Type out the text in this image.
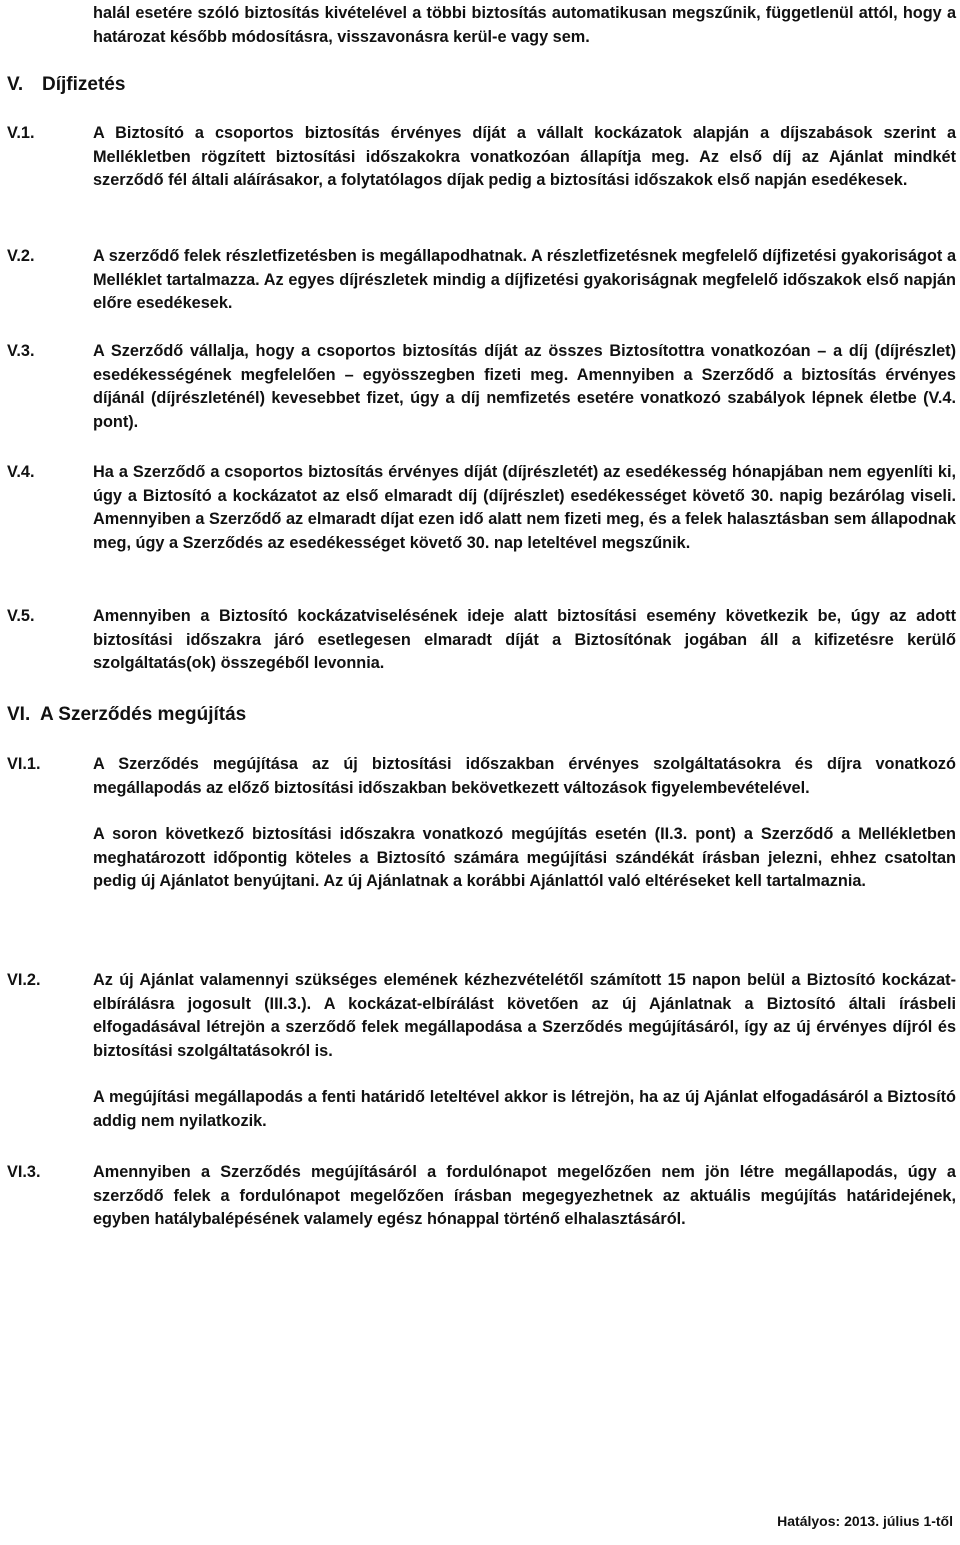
halál esetére szóló biztosítás kivételével a többi biztosítás automatikusan megszűnik, függetlenül attól, hogy a határozat később módosításra, visszavonásra kerül-e vagy sem.

V. Díjfizetés
V.1.	A Biztosító a csoportos biztosítás érvényes díját a vállalt kockázatok alapján a díjszabások szerint a Mellékletben rögzített biztosítási időszakokra vonatkozóan állapítja meg. Az első díj az Ajánlat mindkét szerződő fél általi aláírásakor, a folytatólagos díjak pedig a biztosítási időszakok első napján esedékesek.

V.2.	A szerződő felek részletfizetésben is megállapodhatnak. A részletfizetésnek megfelelő díjfizetési gyakoriságot a Melléklet tartalmazza. Az egyes díjrészletek mindig a díjfizetési gyakoriságnak megfelelő időszakok első napján előre esedékesek.

V.3.	A Szerződő vállalja, hogy a csoportos biztosítás díját az összes Biztosítottra vonatkozóan – a díj (díjrészlet) esedékességének megfelelően – egyösszegben fizeti meg. Amennyiben a Szerződő a biztosítás érvényes díjánál (díjrészleténél) kevesebbet fizet, úgy a díj nemfizetés esetére vonatkozó szabályok lépnek életbe (V.4. pont).

V.4.	Ha a Szerződő a csoportos biztosítás érvényes díját (díjrészletét) az esedékesség hónapjában nem egyenlíti ki, úgy a Biztosító a kockázatot az első elmaradt díj (díjrészlet) esedékességet követő 30. napig bezárólag viseli. Amennyiben a Szerződő az elmaradt díjat ezen idő alatt nem fizeti meg, és a felek halasztásban sem állapodnak meg, úgy a Szerződés az esedékességet követő 30. nap leteltével megszűnik.

V.5.	Amennyiben a Biztosító kockázatviselésének ideje alatt biztosítási esemény következik be, úgy az adott biztosítási időszakra járó esetlegesen elmaradt díját a Biztosítónak jogában áll a kifizetésre kerülő szolgáltatás(ok) összegéből levonnia.

VI. A Szerződés megújítás
VI.1.	A Szerződés megújítása az új biztosítási időszakban érvényes szolgáltatásokra és díjra vonatkozó megállapodás az előző biztosítási időszakban bekövetkezett változások figyelembevételével.

A soron következő biztosítási időszakra vonatkozó megújítás esetén (II.3. pont) a Szerződő a Mellékletben meghatározott időpontig köteles a Biztosító számára megújítási szándékát írásban jelezni, ehhez csatoltan pedig új Ajánlatot benyújtani. Az új Ajánlatnak a korábbi Ajánlattól való eltéréseket kell tartalmaznia.

VI.2.	Az új Ajánlat valamennyi szükséges elemének kézhezvételétől számított 15 napon belül a Biztosító kockázat-elbírálásra jogosult (III.3.). A kockázat-elbírálást követően az új Ajánlatnak a Biztosító általi írásbeli elfogadásával létrejön a szerződő felek megállapodása a Szerződés megújításáról, így az új érvényes díjról és biztosítási szolgáltatásokról is.

A megújítási megállapodás a fenti határidő leteltével akkor is létrejön, ha az új Ajánlat elfogadásáról a Biztosító addig nem nyilatkozik.

VI.3.	Amennyiben a Szerződés megújításáról a fordulónapot megelőzően nem jön létre megállapodás, úgy a szerződő felek a fordulónapot megelőzően írásban megegyezhetnek az aktuális megújítás határidejének, egyben hatálybalépésének valamely egész hónappal történő elhalasztásáról.

Hatályos: 2013. július 1-től
